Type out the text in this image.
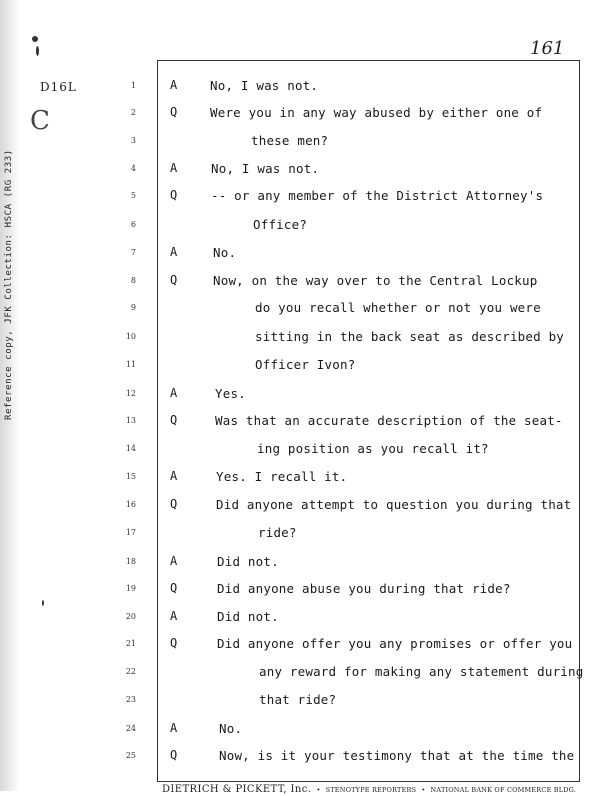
161
D16L
C
Reference copy, JFK Collection: HSCA (RG 233)
1	A	No, I was not.
2	Q	Were you in any way abused by either one of
3	these men?
4	A	No, I was not.
5	Q	-- or any member of the District Attorney's
6	Office?
7	A	No.
8	Q	Now, on the way over to the Central Lockup
9	do you recall whether or not you were
10	sitting in the back seat as described by
11	Officer Ivon?
12	A	Yes.
13	Q	Was that an accurate description of the seat-
14	ing position as you recall it?
15	A	Yes. I recall it.
16	Q	Did anyone attempt to question you during that
17	ride?
18	A	Did not.
19	Q	Did anyone abuse you during that ride?
20	A	Did not.
21	Q	Did anyone offer you any promises or offer you
22	any reward for making any statement during
23	that ride?
24	A	No.
25	Q	Now, is it your testimony that at the time the
DIETRICH & PICKETT, Inc. • STENOTYPE REPORTERS • NATIONAL BANK OF COMMERCE BLDG.
